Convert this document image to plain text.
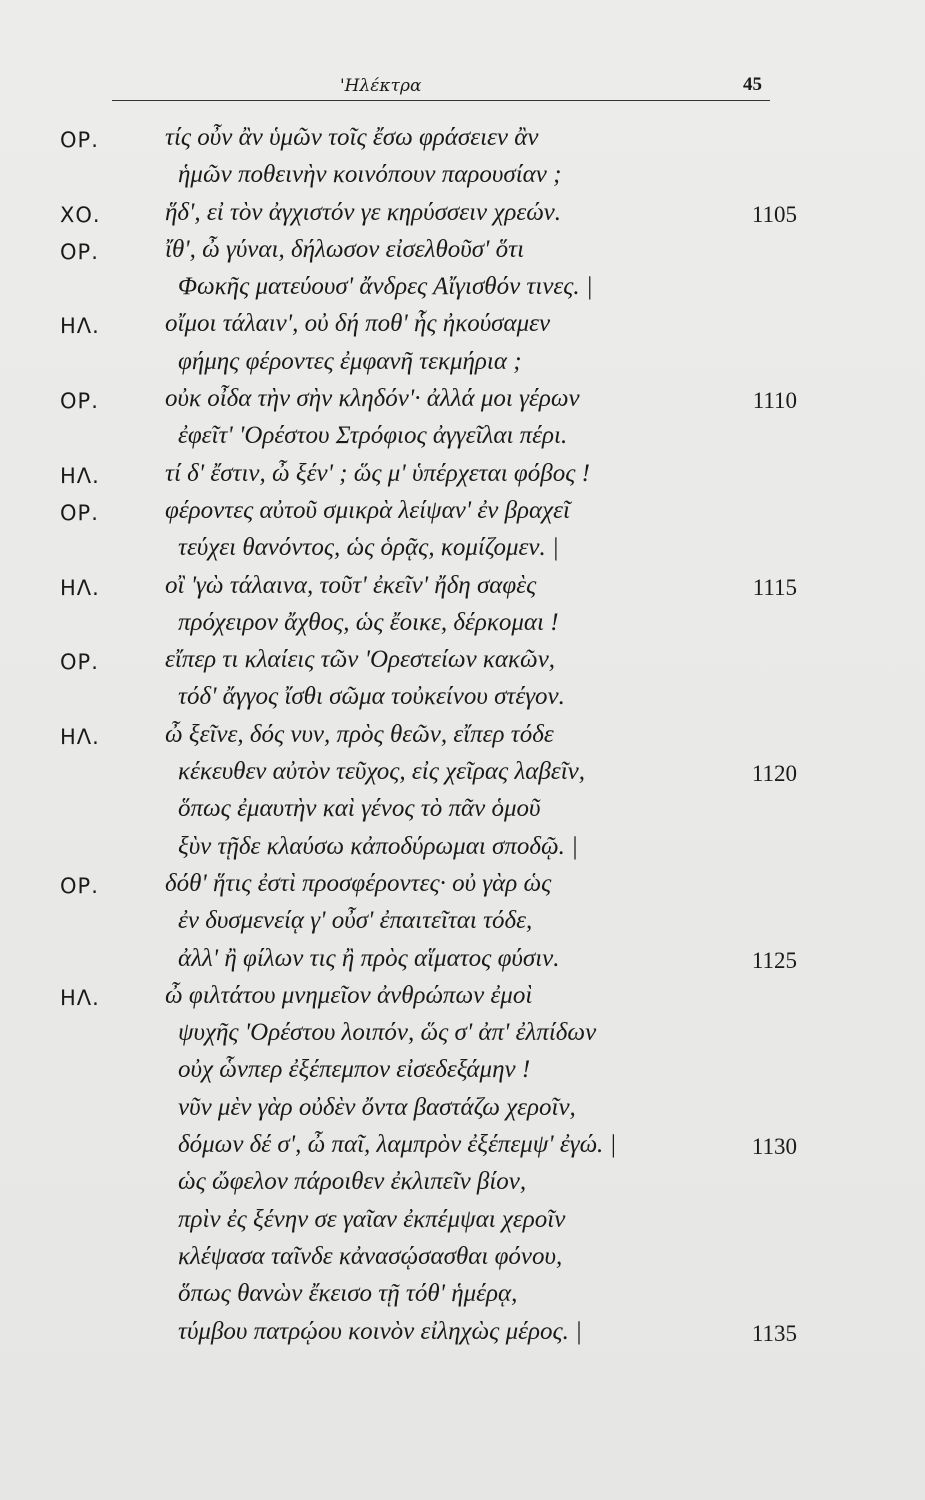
'Ηλέκτρα	45
ΟΡ.	τίς οὖν ἂν ὑμῶν τοῖς ἔσω φράσειεν ἂν
ἡμῶν ποθεινὴν κοινόπουν παρουσίαν ;
ΧΟ.	ἥδ', εἰ τὸν ἀγχιστόν γε κηρύσσειν χρεών.	1105
ΟΡ.	ἴθ', ὦ γύναι, δήλωσον εἰσελθοῦσ' ὅτι
Φωκῆς ματεύουσ' ἄνδρες Αἴγισθόν τινες. |
ΗΛ.	οἴμοι τάλαιν', οὐ δή ποθ' ἧς ἠκούσαμεν
φήμης φέροντες ἐμφανῆ τεκμήρια ;
ΟΡ.	οὐκ οἶδα τὴν σὴν κληδόν'· ἀλλά μοι γέρων	1110
ἐφεῖτ' 'Ορέστου Στρόφιος ἀγγεῖλαι πέρι.
ΗΛ.	τί δ' ἔστιν, ὦ ξέν' ; ὥς μ' ὑπέρχεται φόβος !
ΟΡ.	φέροντες αὐτοῦ σμικρὰ λείψαν' ἐν βραχεῖ
τεύχει θανόντος, ὡς ὁρᾷς, κομίζομεν. |
ΗΛ.	οἲ 'γὼ τάλαινα, τοῦτ' ἐκεῖν' ἤδη σαφὲς	1115
πρόχειρον ἄχθος, ὡς ἔοικε, δέρκομαι !
ΟΡ.	εἴπερ τι κλαίεις τῶν 'Ορεστείων κακῶν,
τόδ' ἄγγος ἴσθι σῶμα τοὐκείνου στέγον.
ΗΛ.	ὦ ξεῖνε, δός νυν, πρὸς θεῶν, εἴπερ τόδε
κέκευθεν αὐτὸν τεῦχος, εἰς χεῖρας λαβεῖν,	1120
ὅπως ἐμαυτὴν καὶ γένος τὸ πᾶν ὁμοῦ
ξὺν τῇδε κλαύσω κἀποδύρωμαι σποδῷ. |
ΟΡ.	δόθ' ἥτις ἐστὶ προσφέροντες· οὐ γὰρ ὡς
ἐν δυσμενείᾳ γ' οὖσ' ἐπαιτεῖται τόδε,
ἀλλ' ἢ φίλων τις ἢ πρὸς αἵματος φύσιν.	1125
ΗΛ.	ὦ φιλτάτου μνημεῖον ἀνθρώπων ἐμοὶ
ψυχῆς 'Ορέστου λοιπόν, ὥς σ' ἀπ' ἐλπίδων
οὐχ ὧνπερ ἐξέπεμπον εἰσεδεξάμην !
νῦν μὲν γὰρ οὐδὲν ὄντα βαστάζω χεροῖν,
δόμων δέ σ', ὦ παῖ, λαμπρὸν ἐξέπεμψ' ἐγώ. |	1130
ὡς ὤφελον πάροιθεν ἐκλιπεῖν βίον,
πρὶν ἐς ξένην σε γαῖαν ἐκπέμψαι χεροῖν
κλέψασα ταῖνδε κἀνασῴσασθαι φόνου,
ὅπως θανὼν ἔκεισο τῇ τόθ' ἡμέρᾳ,
τύμβου πατρῴου κοινὸν εἰληχὼς μέρος. |	1135
